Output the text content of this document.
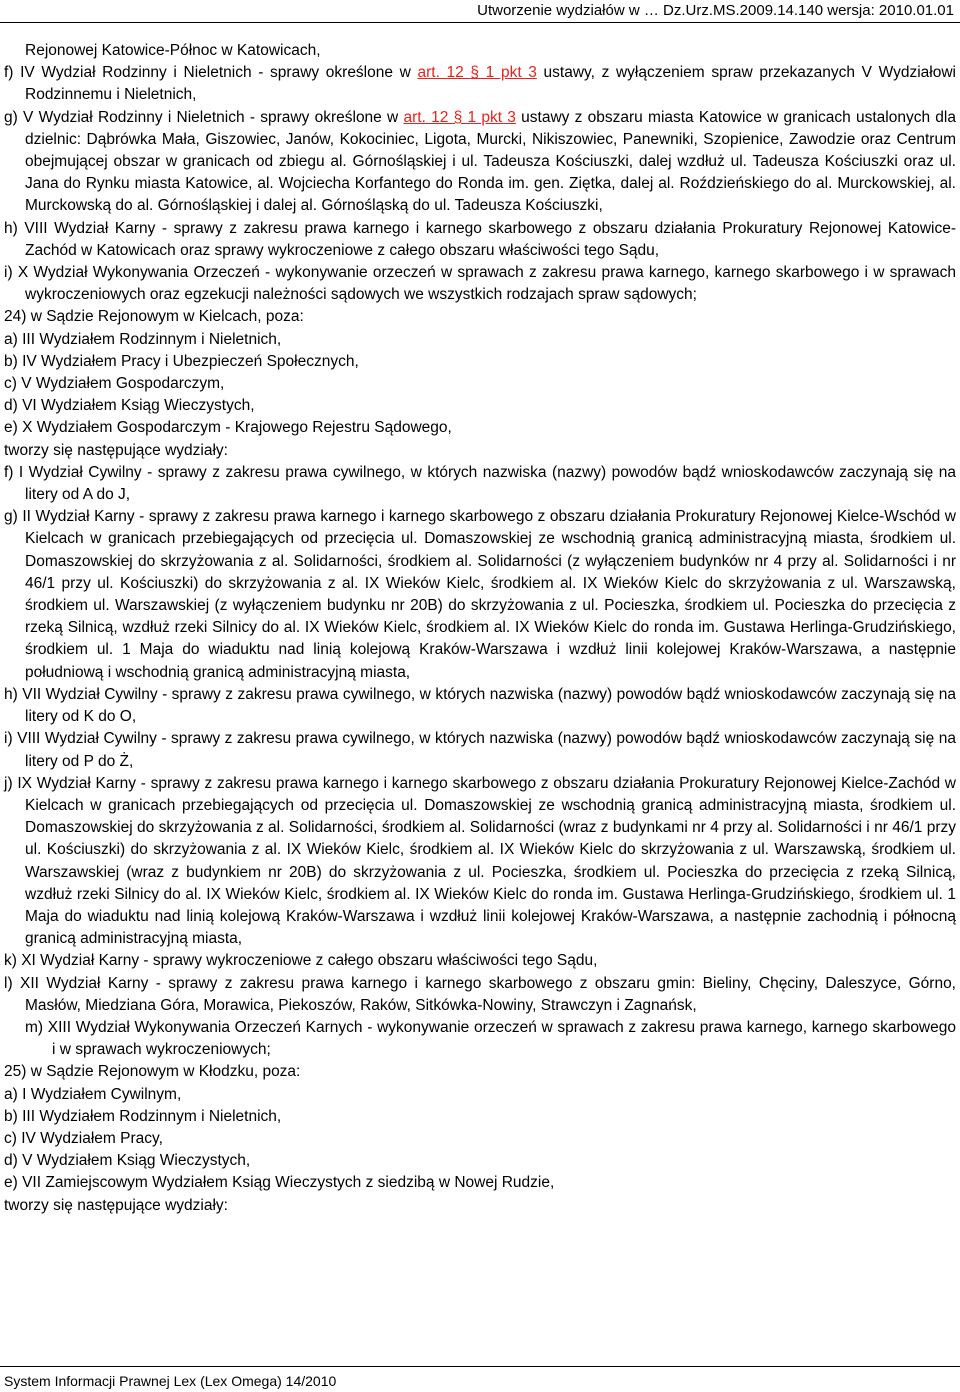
Utworzenie wydziałów w … Dz.Urz.MS.2009.14.140 wersja: 2010.01.01
Rejonowej Katowice-Północ w Katowicach,
f) IV Wydział Rodzinny i Nieletnich - sprawy określone w art. 12 § 1 pkt 3 ustawy, z wyłączeniem spraw przekazanych V Wydziałowi Rodzinnemu i Nieletnich,
g) V Wydział Rodzinny i Nieletnich - sprawy określone w art. 12 § 1 pkt 3 ustawy z obszaru miasta Katowice w granicach ustalonych dla dzielnic: Dąbrówka Mała, Giszowiec, Janów, Kokociniec, Ligota, Murcki, Nikiszowiec, Panewniki, Szopienice, Zawodzie oraz Centrum obejmującej obszar w granicach od zbiegu al. Górnośląskiej i ul. Tadeusza Kościuszki, dalej wzdłuż ul. Tadeusza Kościuszki oraz ul. Jana do Rynku miasta Katowice, al. Wojciecha Korfantego do Ronda im. gen. Ziętka, dalej al. Roździeńskiego do al. Murckowskiej, al. Murckowską do al. Górnośląskiej i dalej al. Górnośląską do ul. Tadeusza Kościuszki,
h) VIII Wydział Karny - sprawy z zakresu prawa karnego i karnego skarbowego z obszaru działania Prokuratury Rejonowej Katowice-Zachód w Katowicach oraz sprawy wykroczeniowe z całego obszaru właściwości tego Sądu,
i) X Wydział Wykonywania Orzeczeń - wykonywanie orzeczeń w sprawach z zakresu prawa karnego, karnego skarbowego i w sprawach wykroczeniowych oraz egzekucji należności sądowych we wszystkich rodzajach spraw sądowych;
24) w Sądzie Rejonowym w Kielcach, poza:
a) III Wydziałem Rodzinnym i Nieletnich,
b) IV Wydziałem Pracy i Ubezpieczeń Społecznych,
c) V Wydziałem Gospodarczym,
d) VI Wydziałem Ksiąg Wieczystych,
e) X Wydziałem Gospodarczym - Krajowego Rejestru Sądowego,
tworzy się następujące wydziały:
f) I Wydział Cywilny - sprawy z zakresu prawa cywilnego, w których nazwiska (nazwy) powodów bądź wnioskodawców zaczynają się na litery od A do J,
g) II Wydział Karny - sprawy z zakresu prawa karnego i karnego skarbowego z obszaru działania Prokuratury Rejonowej Kielce-Wschód w Kielcach w granicach przebiegających od przecięcia ul. Domaszowskiej ze wschodnią granicą administracyjną miasta, środkiem ul. Domaszowskiej do skrzyżowania z al. Solidarności, środkiem al. Solidarności (z wyłączeniem budynków nr 4 przy al. Solidarności i nr 46/1 przy ul. Kościuszki) do skrzyżowania z al. IX Wieków Kielc, środkiem al. IX Wieków Kielc do skrzyżowania z ul. Warszawską, środkiem ul. Warszawskiej (z wyłączeniem budynku nr 20B) do skrzyżowania z ul. Pocieszka, środkiem ul. Pocieszka do przecięcia z rzeką Silnicą, wzdłuż rzeki Silnicy do al. IX Wieków Kielc, środkiem al. IX Wieków Kielc do ronda im. Gustawa Herlinga-Grudzińskiego, środkiem ul. 1 Maja do wiaduktu nad linią kolejową Kraków-Warszawa i wzdłuż linii kolejowej Kraków-Warszawa, a następnie południową i wschodnią granicą administracyjną miasta,
h) VII Wydział Cywilny - sprawy z zakresu prawa cywilnego, w których nazwiska (nazwy) powodów bądź wnioskodawców zaczynają się na litery od K do O,
i) VIII Wydział Cywilny - sprawy z zakresu prawa cywilnego, w których nazwiska (nazwy) powodów bądź wnioskodawców zaczynają się na litery od P do Ż,
j) IX Wydział Karny - sprawy z zakresu prawa karnego i karnego skarbowego z obszaru działania Prokuratury Rejonowej Kielce-Zachód w Kielcach w granicach przebiegających od przecięcia ul. Domaszowskiej ze wschodnią granicą administracyjną miasta, środkiem ul. Domaszowskiej do skrzyżowania z al. Solidarności, środkiem al. Solidarności (wraz z budynkami nr 4 przy al. Solidarności i nr 46/1 przy ul. Kościuszki) do skrzyżowania z al. IX Wieków Kielc, środkiem al. IX Wieków Kielc do skrzyżowania z ul. Warszawską, środkiem ul. Warszawskiej (wraz z budynkiem nr 20B) do skrzyżowania z ul. Pocieszka, środkiem ul. Pocieszka do przecięcia z rzeką Silnicą, wzdłuż rzeki Silnicy do al. IX Wieków Kielc, środkiem al. IX Wieków Kielc do ronda im. Gustawa Herlinga-Grudzińskiego, środkiem ul. 1 Maja do wiaduktu nad linią kolejową Kraków-Warszawa i wzdłuż linii kolejowej Kraków-Warszawa, a następnie zachodnią i północną granicą administracyjną miasta,
k) XI Wydział Karny - sprawy wykroczeniowe z całego obszaru właściwości tego Sądu,
l) XII Wydział Karny - sprawy z zakresu prawa karnego i karnego skarbowego z obszaru gmin: Bieliny, Chęciny, Daleszyce, Górno, Masłów, Miedziana Góra, Morawica, Piekoszów, Raków, Sitkówka-Nowiny, Strawczyn i Zagnańsk,
m) XIII Wydział Wykonywania Orzeczeń Karnych - wykonywanie orzeczeń w sprawach z zakresu prawa karnego, karnego skarbowego i w sprawach wykroczeniowych;
25) w Sądzie Rejonowym w Kłodzku, poza:
a) I Wydziałem Cywilnym,
b) III Wydziałem Rodzinnym i Nieletnich,
c) IV Wydziałem Pracy,
d) V Wydziałem Ksiąg Wieczystych,
e) VII Zamiejscowym Wydziałem Ksiąg Wieczystych z siedzibą w Nowej Rudzie,
tworzy się następujące wydziały:
System Informacji Prawnej Lex (Lex Omega) 14/2010
